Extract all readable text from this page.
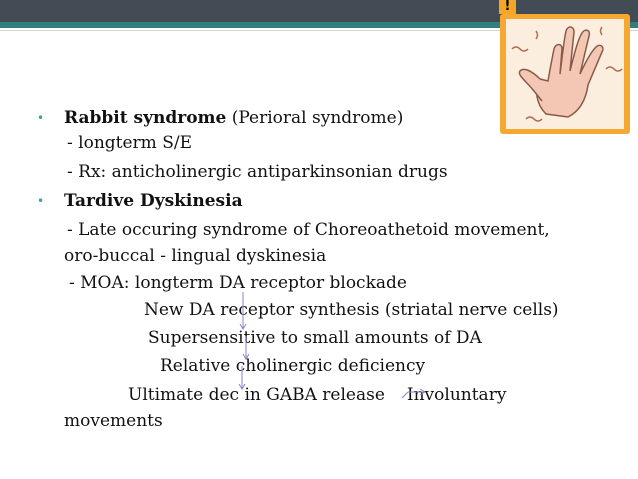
!
• Rabbit syndrome (Perioral syndrome)
- longterm S/E
- Rx: anticholinergic antiparkinsonian drugs
• Tardive Dyskinesia
- Late occuring syndrome of Choreoathetoid movement,
oro-buccal - lingual dyskinesia
- MOA: longterm DA receptor blockade
New DA receptor synthesis (striatal nerve cells)
Supersensitive to small amounts of DA
Relative cholinergic deficiency
Ultimate dec in GABA release Involuntary
movements
